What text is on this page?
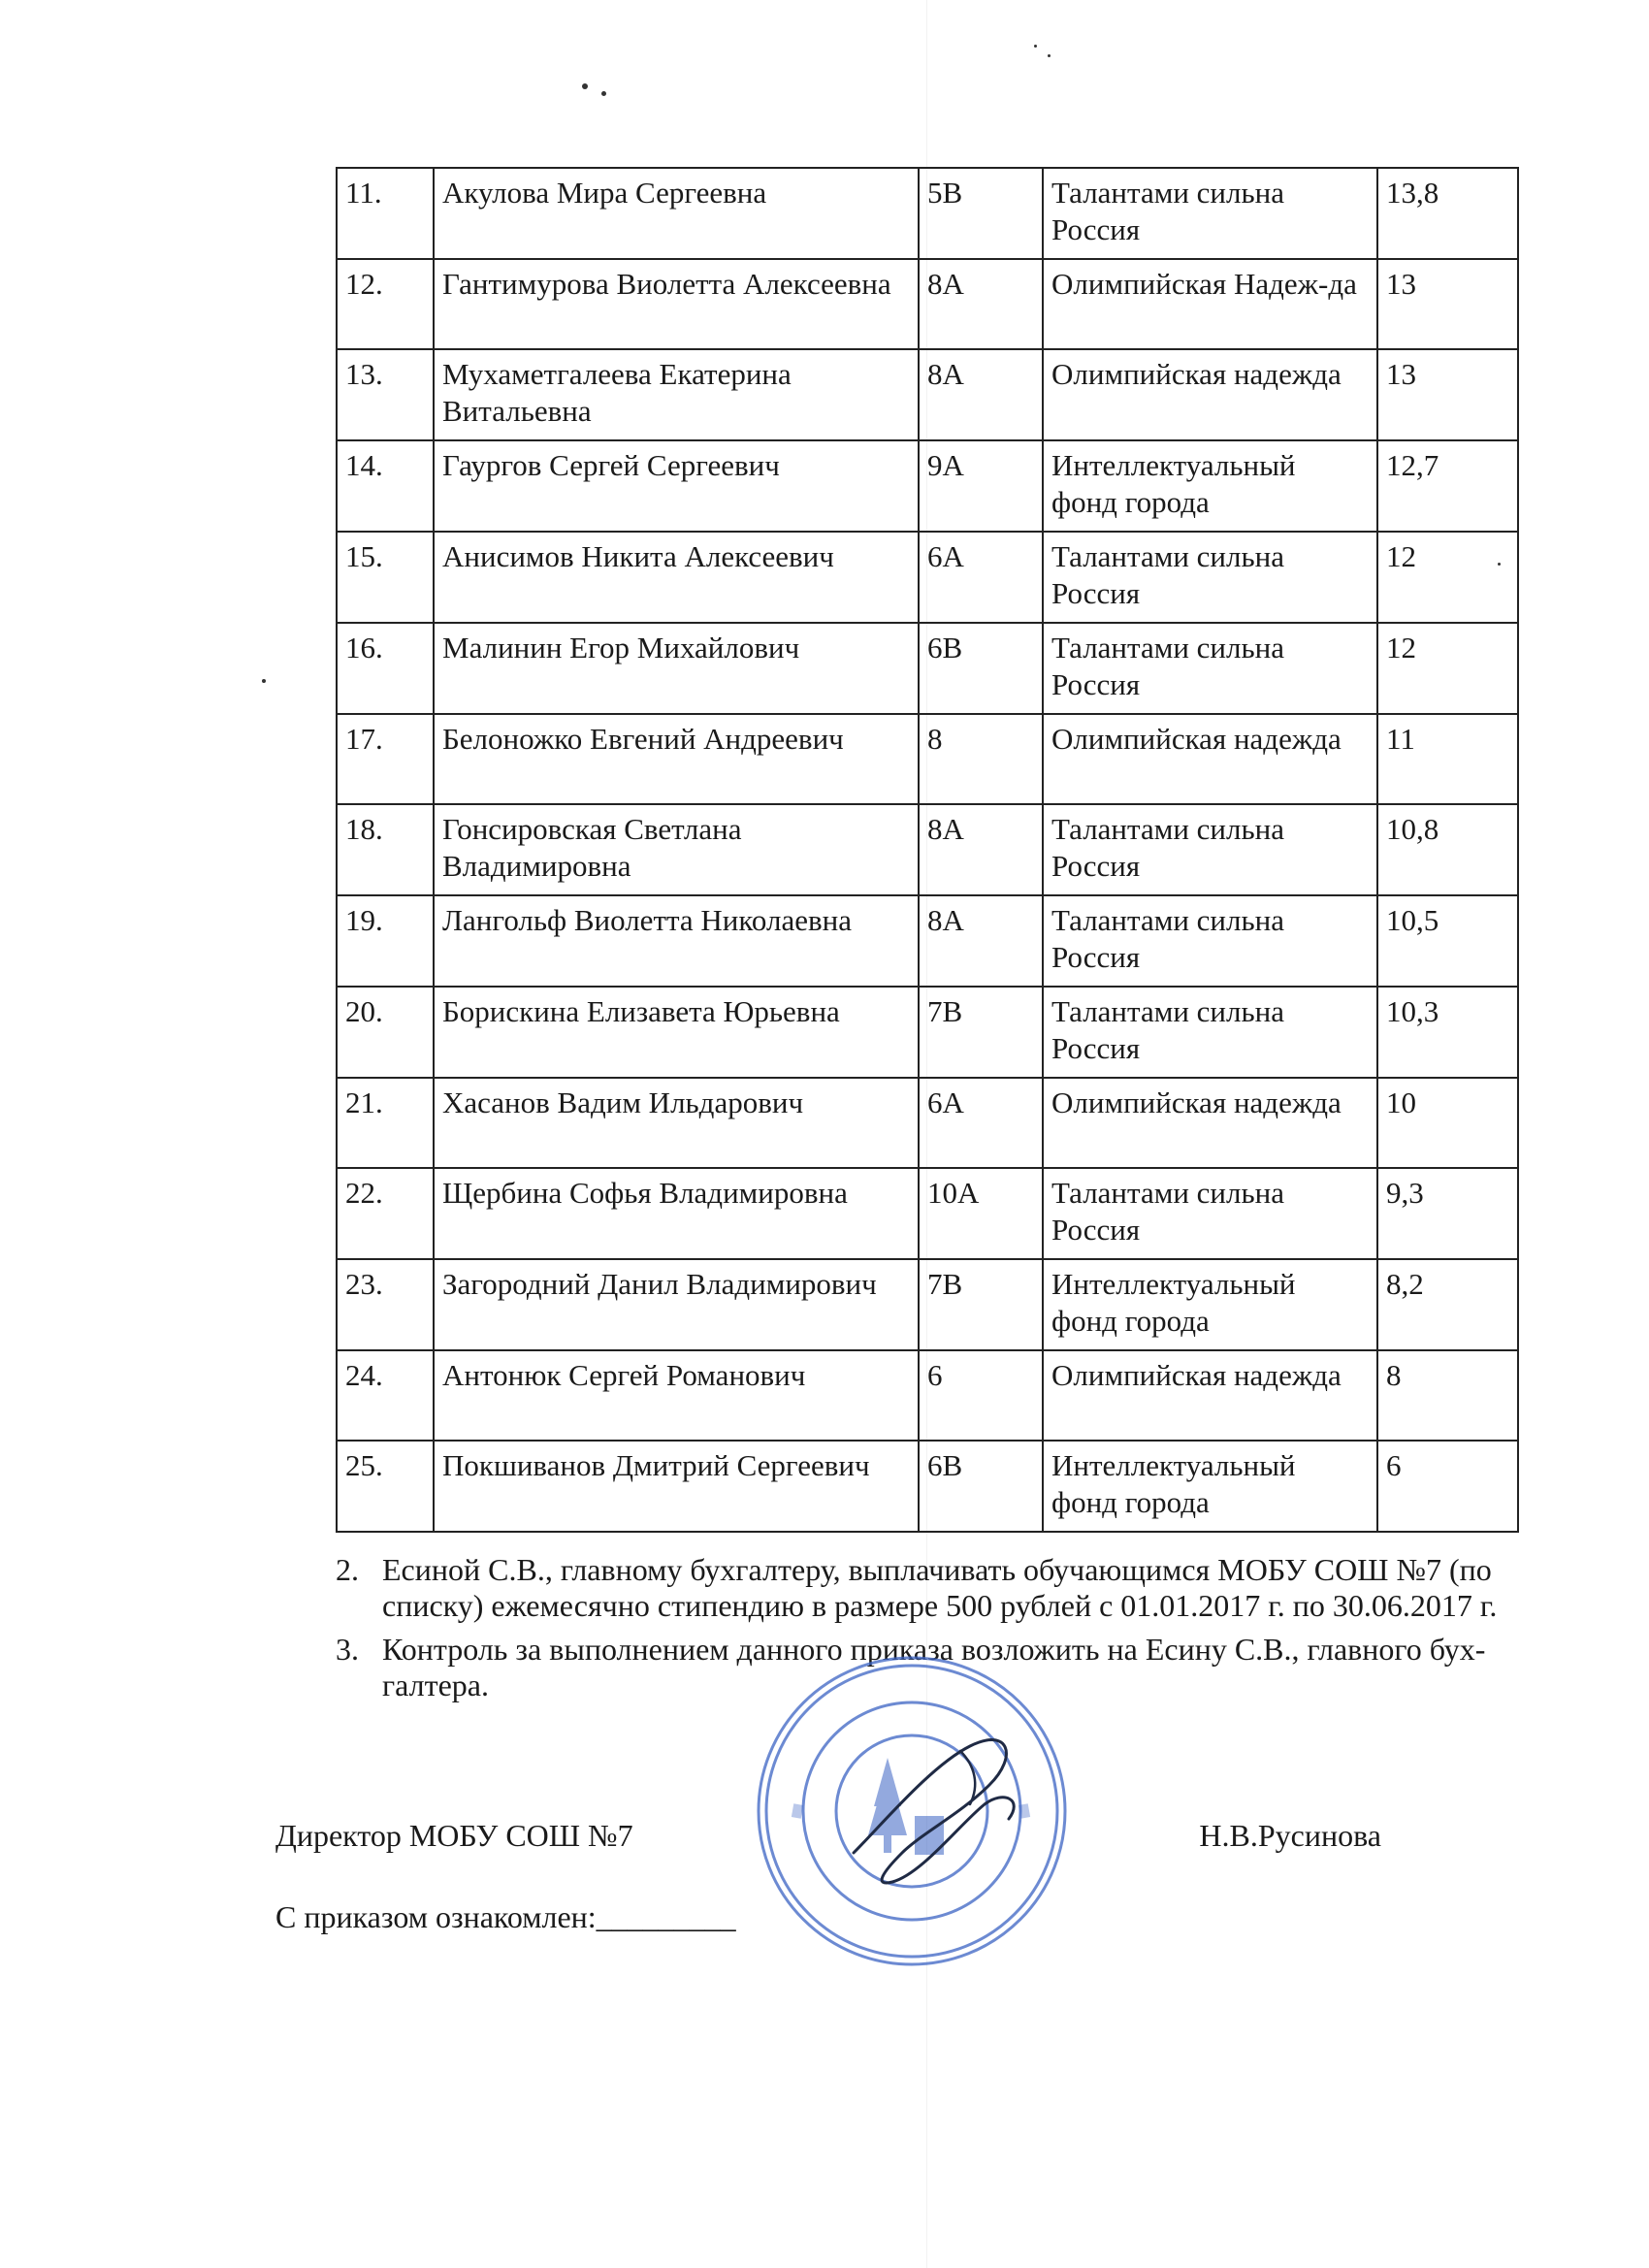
11.	Акулова Мира Сергеевна	5В	Талантами сильна Россия	13,8
12.	Гантимурова Виолетта Алексеевна	8А	Олимпийская Надеж-да	13
13.	Мухаметгалеева Екатерина Витальевна	8А	Олимпийская надежда	13
14.	Гаургов Сергей Сергеевич	9А	Интеллектуальный фонд города	12,7
15.	Анисимов Никита Алексеевич	6А	Талантами сильна Россия	12
16.	Малинин Егор Михайлович	6В	Талантами сильна Россия	12
17.	Белоножко Евгений Андреевич	8	Олимпийская надежда	11
18.	Гонсировская Светлана Владимировна	8А	Талантами сильна Россия	10,8
19.	Лангольф Виолетта Николаевна	8А	Талантами сильна Россия	10,5
20.	Борискина Елизавета Юрьевна	7В	Талантами сильна Россия	10,3
21.	Хасанов Вадим Ильдарович	6А	Олимпийская надежда	10
22.	Щербина Софья Владимировна	10А	Талантами сильна Россия	9,3
23.	Загородний Данил Владимирович	7В	Интеллектуальный фонд города	8,2
24.	Антонюк Сергей Романович	6	Олимпийская надежда	8
25.	Покшиванов Дмитрий Сергеевич	6В	Интеллектуальный фонд города	6
2. Есиной С.В., главному бухгалтеру, выплачивать обучающимся МОБУ СОШ №7 (по списку) ежемесячно стипендию в размере 500 рублей с 01.01.2017 г. по 30.06.2017 г.
3. Контроль за выполнением данного приказа возложить на Есину С.В., главного бух-галтера.
Директор МОБУ СОШ №7	Н.В.Русинова
С приказом ознакомлен:_________
